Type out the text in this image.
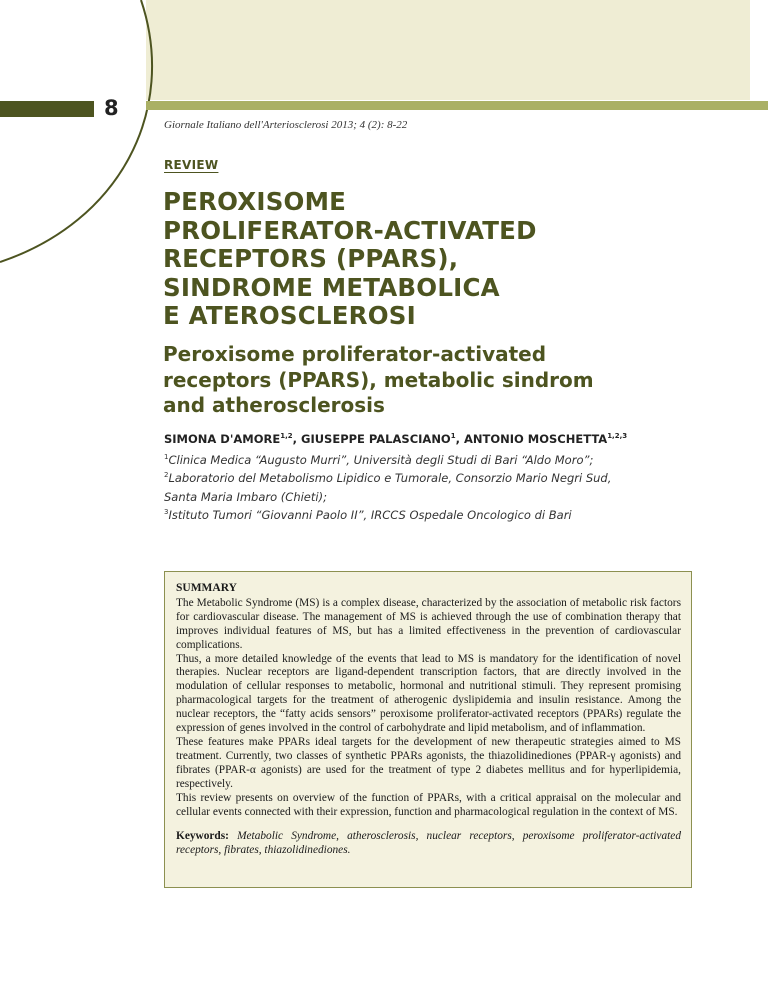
8
Giornale Italiano dell'Arteriosclerosi 2013; 4 (2): 8-22
REVIEW
PEROXISOME
PROLIFERATOR-ACTIVATED
RECEPTORS (PPARS),
SINDROME METABOLICA
E ATEROSCLEROSI
Peroxisome proliferator-activated
receptors (PPARS), metabolic sindrom
and atherosclerosis
SIMONA D'AMORE$^{1,2}$, GIUSEPPE PALASCIANO$^1$, ANTONIO MOSCHETTA$^{1,2,3}$
$^1$Clinica Medica “Augusto Murri”, Università degli Studi di Bari “Aldo Moro”;
$^2$Laboratorio del Metabolismo Lipidico e Tumorale, Consorzio Mario Negri Sud,
Santa Maria Imbaro (Chieti);
$^3$Istituto Tumori “Giovanni Paolo II”, IRCCS Ospedale Oncologico di Bari
SUMMARY

The Metabolic Syndrome (MS) is a complex disease, characterized by the association of metabolic risk factors for cardiovascular disease. The management of MS is achieved through the use of combination therapy that improves individual features of MS, but has a limited effectiveness in the prevention of cardiovascular complications.

Thus, a more detailed knowledge of the events that lead to MS is mandatory for the identification of novel therapies. Nuclear receptors are ligand-dependent transcription factors, that are directly involved in the modulation of cellular responses to metabolic, hormonal and nutritional stimuli. They represent promising pharmacological targets for the treatment of atherogenic dyslipidemia and insulin resistance. Among the nuclear receptors, the “fatty acids sensors” peroxisome proliferator-activated receptors (PPARs) regulate the expression of genes involved in the control of carbohydrate and lipid metabolism, and of inflammation.

These features make PPARs ideal targets for the development of new therapeutic strategies aimed to MS treatment. Currently, two classes of synthetic PPARs agonists, the thiazolidinediones (PPAR-γ agonists) and fibrates (PPAR-α agonists) are used for the treatment of type 2 diabetes mellitus and for hyperlipidemia, respectively.

This review presents on overview of the function of PPARs, with a critical appraisal on the molecular and cellular events connected with their expression, function and pharmacological regulation in the context of MS.

Keywords: Metabolic Syndrome, atherosclerosis, nuclear receptors, peroxisome proliferator-activated receptors, fibrates, thiazolidinediones.
